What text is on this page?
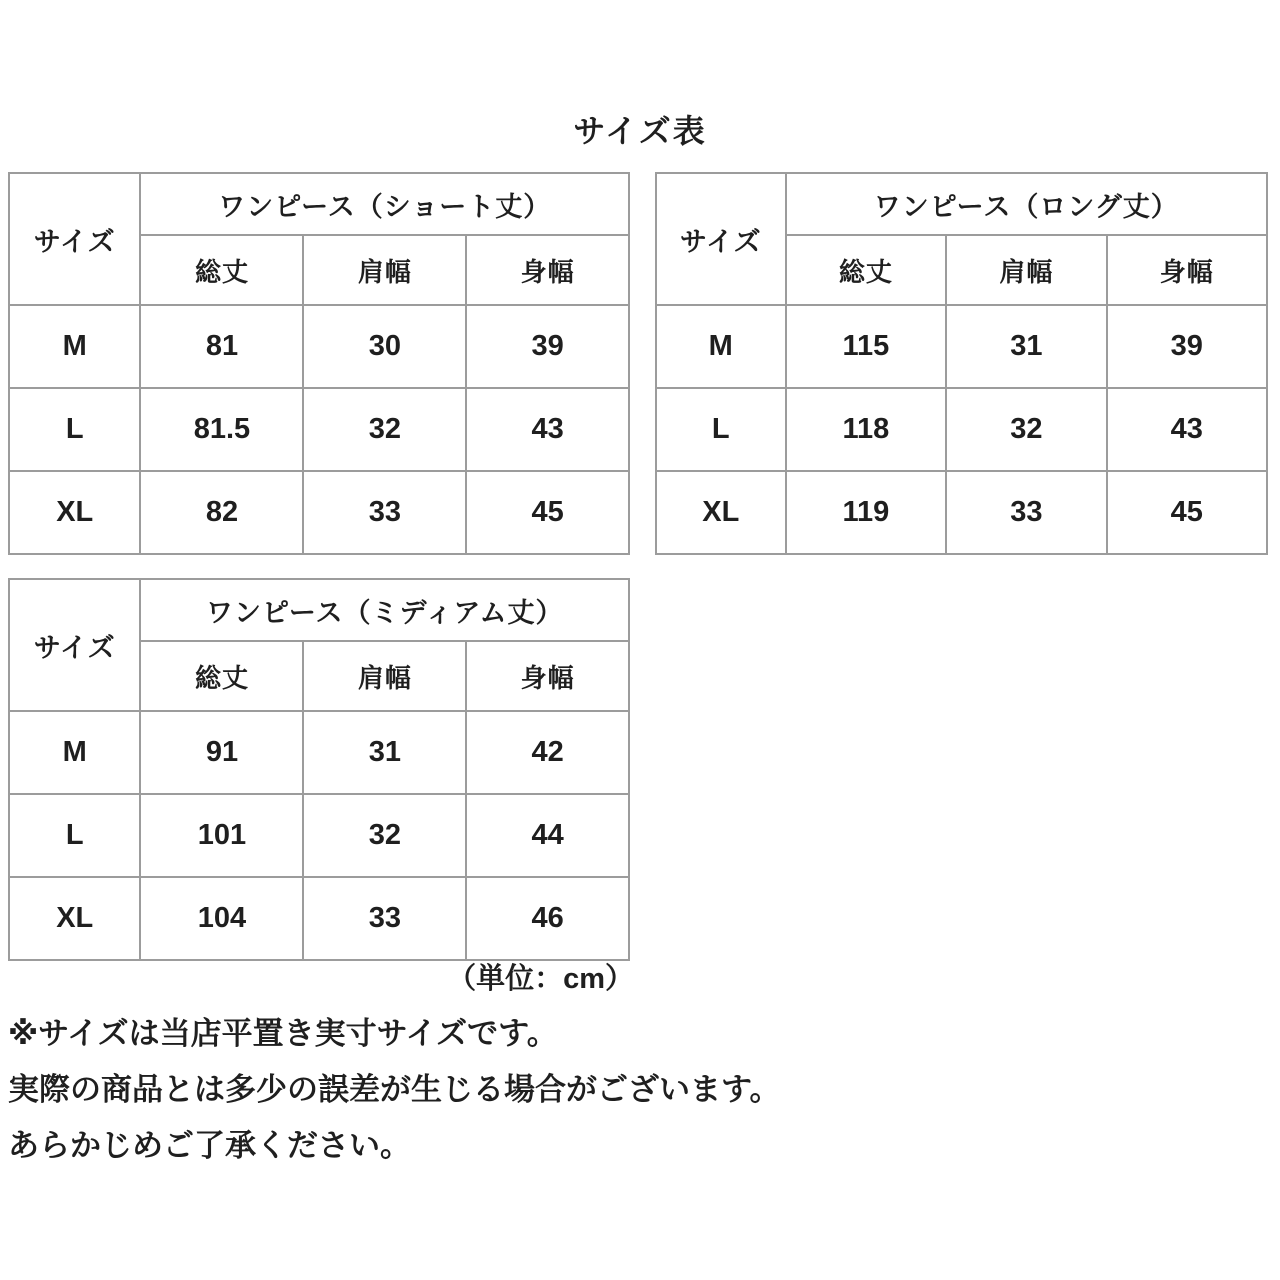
サイズ表
サイズ	ワンピース（ショート丈）		
	総丈	肩幅	身幅
M	81	30	39
L	81.5	32	43
XL	82	33	45
サイズ	ワンピース（ロング丈）		
	総丈	肩幅	身幅
M	115	31	39
L	118	32	43
XL	119	33	45
サイズ	ワンピース（ミディアム丈）		
	総丈	肩幅	身幅
M	91	31	42
L	101	32	44
XL	104	33	46
（単位：cm）
※サイズは当店平置き実寸サイズです。
実際の商品とは多少の誤差が生じる場合がございます。
あらかじめご了承ください。
